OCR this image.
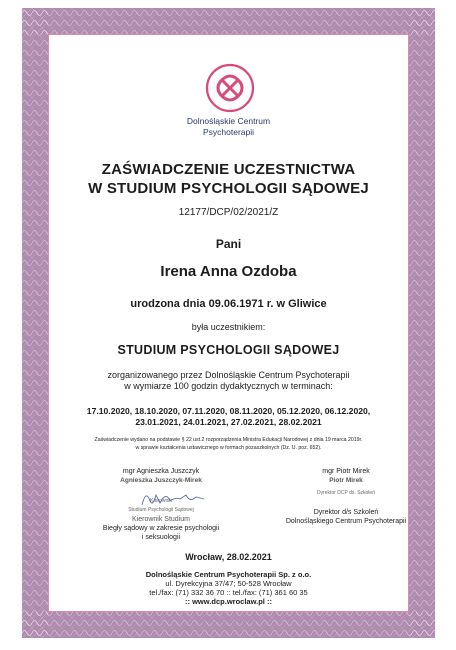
Dolnośląskie Centrum
Psychoterapii
ZAŚWIADCZENIE UCZESTNICTWA
W STUDIUM PSYCHOLOGII SĄDOWEJ
12177/DCP/02/2021/Z
Pani
Irena Anna Ozdoba
urodzona dnia 09.06.1971 r. w Gliwice
była uczestnikiem:
STUDIUM PSYCHOLOGII SĄDOWEJ
zorganizowanego przez Dolnośląskie Centrum Psychoterapii
w wymiarze 100 godzin dydaktycznych w terminach:
17.10.2020, 18.10.2020, 07.11.2020, 08.11.2020, 05.12.2020, 06.12.2020,
23.01.2021, 24.01.2021, 27.02.2021, 28.02.2021
Zaświadczenie wydano na podstawie § 22 ust.2 rozporządzenia Ministra Edukacji Narodowej z dnia 19 marca 2019r.
w sprawie kształcenia ustawicznego w formach pozaszkolnych (Dz. U. poz. 652).
mgr Agnieszka Juszczyk
Agnieszka Juszczyk-Mirek
Kierownik
Studium Psychologii Sądowej
Kierownik Studium
Biegły sądowy w zakresie psychologii
i seksuologii
mgr Piotr Mirek
Piotr Mirek
Dyrektor DCP ds. Szkoleń
Dyrektor d/s Szkoleń
Dolnośląskiego Centrum Psychoterapii
Wrocław, 28.02.2021
Dolnośląskie Centrum Psychoterapii Sp. z o.o.
ul. Dyrekcyjna 37/47; 50-528 Wrocław
tel./fax: (71) 332 36 70 :: tel./fax: (71) 361 60 35
:: www.dcp.wroclaw.pl ::
www.dcp.wroclaw.pl
